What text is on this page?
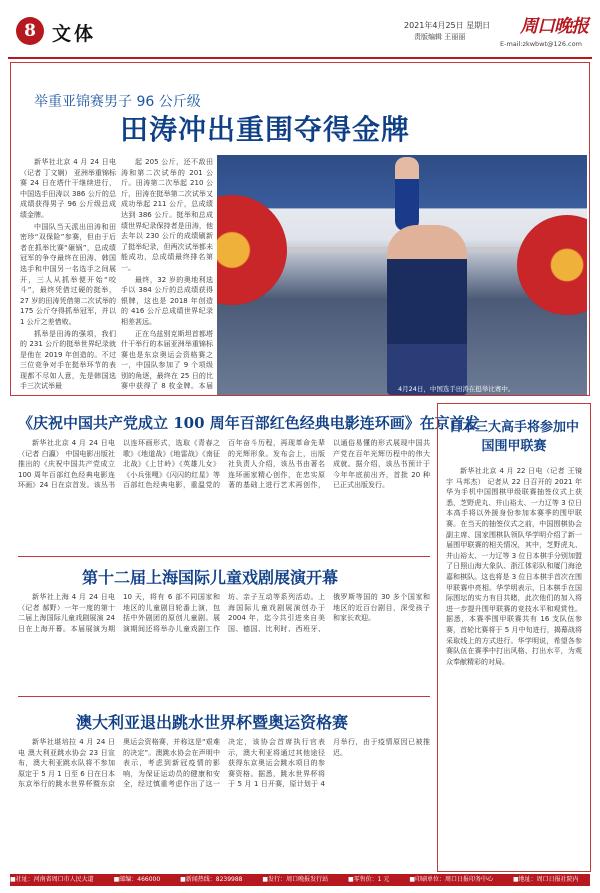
8 文体	2021年4月25日 星期日
责版编辑 王丽丽	周口晚报
E-mail:zkwbwt@126.com
举重亚锦赛男子 96 公斤级
田涛冲出重围夺得金牌

新华社北京 4 月 24 日电（记者 丁文娴） 亚洲举重锦标赛 24 日在塔什干继续进行，中国选手田涛以 386 公斤的总成绩获得男子 96 公斤级总成绩金牌。

中国队当天派出田涛和田密珍“双保险”参赛，但由于后者在抓举比赛“砸锅”，总成绩冠军的争夺最终在田涛、韩国选手和中国另一名选手之间展开，三人从抓举便开始“咬斗”，最终凭借过硬的挺举，27 岁的田涛凭借第二次试举的 175 公斤夺得抓举冠军，并以 1 公斤之差惜败。

抓举是田涛的强项，我们的 231 公斤的挺举世界纪录就是他在 2019 年创造的。不过三位竞争对手在挺举环节的表现都不尽如人意，先是韩国选手三次试举最

起 205 公斤，还不敌田涛和第二次试举的 201 公斤。田涛第二次举起 210 公斤，田涛在挺举第二次试举又成功举起 211 公斤，总成绩达到 386 公斤。挺举和总成绩世界纪录保持者是田涛，他去年以 230 公斤的成绩刷新了挺举纪录，但两次试举都未能成功，总成绩最终排名第一。

最终，32 岁的奥地利选手以 384 公斤的总成绩获得银牌，这也是 2018 年创造的 416 公斤总成绩世界纪录相差甚远。

正在乌兹别克斯坦首都塔什干举行的本届亚洲举重锦标赛也是东京奥运会资格赛之一，中国队参加了 9 个项级别的角逐，最终在 25 日的比赛中获得了 8 枚金牌。本届	4月24日，中国选手田涛在挺举比赛中。
《庆祝中国共产党成立 100 周年百部红色经典电影连环画》在京首发

新华社北京 4 月 24 日电（记者 白瀛） 中国电影出版社推出的《庆祝中国共产党成立 100 周年百部红色经典电影连环画》24 日在京首发。该丛书以连环画形式，选取《青春之歌》《地道战》《地雷战》《南征北战》《上甘岭》《英雄儿女》《小兵张嘎》《闪闪的红星》等百部红色经典电影，重温党的百年奋斗历程，再现革命先辈的光辉形象。发布会上，出版社负责人介绍，该丛书由著名连环画家精心创作，在忠实原著的基础上进行艺术再创作，以通俗易懂的形式展现中国共产党在百年光辉历程中的伟大成就。据介绍，该丛书预计于今年年底前出齐，首批 20 种已正式出版发行。

第十二届上海国际儿童戏剧展演开幕

新华社上海 4 月 24 日电（记者 郝野）一年一度的第十二届上海国际儿童戏剧展演 24 日在上海开幕。本届展演为期 10 天，将有 6 部不同国家和地区的儿童剧目轮番上演，包括中外剧团的原创儿童剧。展演期间还将举办儿童戏剧工作坊、亲子互动等系列活动。上海国际儿童戏剧展演创办于 2004 年，迄今共引进来自美国、德国、比利时、西班牙、俄罗斯等国的 30 多个国家和地区的近百台剧目，深受孩子和家长欢迎。

澳大利亚退出跳水世界杯暨奥运资格赛

新华社堪培拉 4 月 24 日电 澳大利亚跳水协会 23 日宣布，澳大利亚跳水队将不参加原定于 5 月 1 日至 6 日在日本东京举行的跳水世界杯暨东京奥运会资格赛，并称这是“艰难的决定”。澳跳水协会在声明中表示，考虑到新冠疫情的影响，为保证运动员的健康和安全，经过慎重考虑作出了这一决定，该协会首席执行官表示，澳大利亚将通过其他途径获得东京奥运会跳水项目的参赛资格。据悉，跳水世界杯将于 5 月 1 日开赛，原计划于 4 月举行，由于疫情原因已被推迟。

日本三大高手将参加中国围甲联赛

新华社北京 4 月 22 日电（记者 王镜宇 马邦杰） 记者从 22 日召开的 2021 年华为手机中国围棋甲级联赛抽签仪式上获悉，芝野虎丸、井山裕太、一力辽等 3 位日本高手将以外援身份参加本赛季的围甲联赛。在当天的抽签仪式之前，中国围棋协会副主席、国家围棋队领队华学明介绍了新一届围甲联赛的相关情况，其中，芝野虎丸、井山裕太、一力辽等 3 位日本棋手分别加盟了日照山海大象队、浙江体彩队和厦门海沧嘉和棋队。这也将是 3 位日本棋手首次在围甲联赛中亮相。华学明表示，日本棋手在国际围坛的实力有目共睹，此次他们的加入将进一步提升围甲联赛的竞技水平和观赏性。据悉，本赛季围甲联赛共有 16 支队伍参赛，首轮比赛将于 5 月中旬进行，揭幕战将采取线上的方式进行。华学明说，希望各参赛队伍在赛季中打出风格、打出水平，为观众奉献精彩的对局。

■社址：河南省周口市人民大道	■邮编：466000	■新闻热线：8239988	■发行：周口晚报发行站	■零售价：1 元	■印刷单位：周口日报印务中心	■地址：周口日报社院内
